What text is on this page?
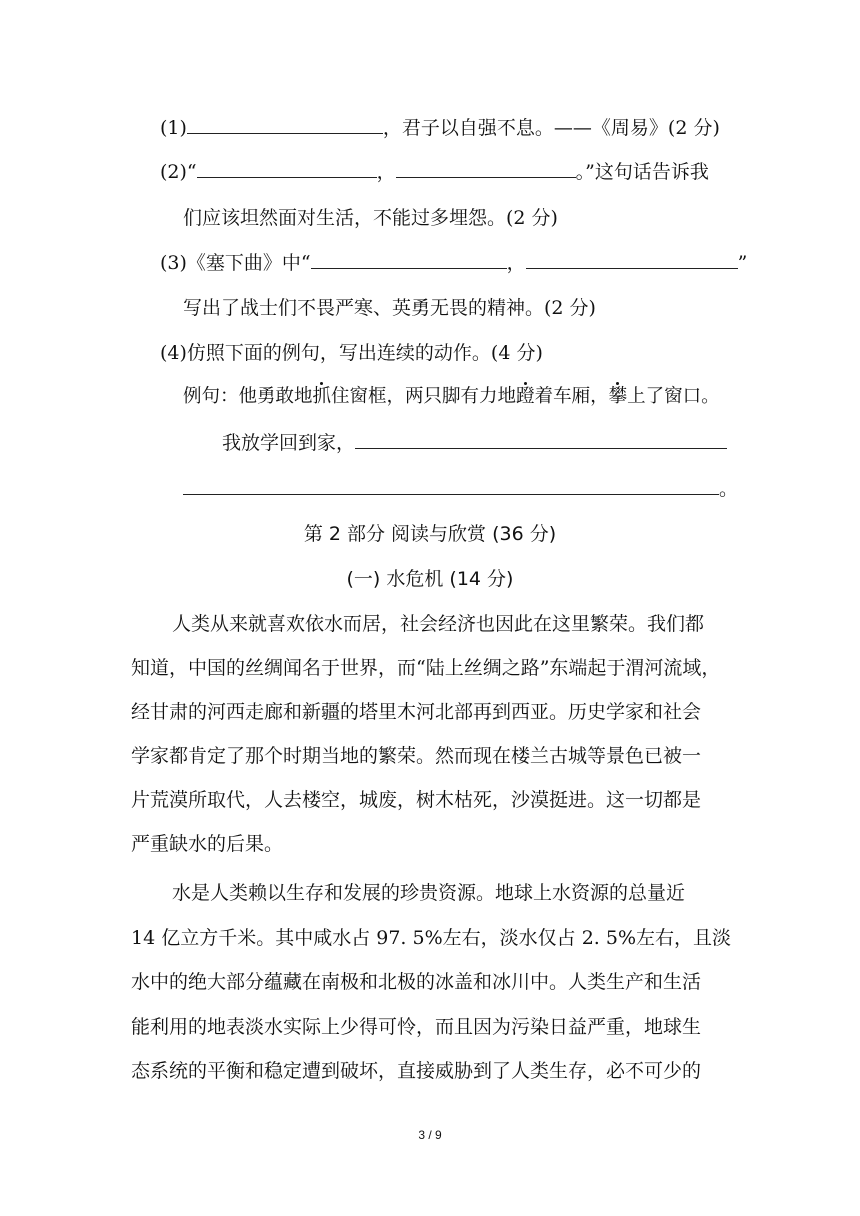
(1)	，君子以自强不息。——《周易》(2 分)
(2)“	，	。”这句话告诉我
们应该坦然面对生活，不能过多埋怨。(2 分)
(3)《塞下曲》中“	，	”
写出了战士们不畏严寒、英勇无畏的精神。(2 分)
(4)仿照下面的例句，写出连续的动作。(4 分)
例句：他勇敢地抓住窗框，两只脚有力地蹬着车厢，攀上了窗口。
我放学回到家，
。
第 2 部分 阅读与欣赏 (36 分)
(一) 水危机 (14 分)
人类从来就喜欢依水而居，社会经济也因此在这里繁荣。我们都
知道，中国的丝绸闻名于世界，而“陆上丝绸之路”东端起于渭河流域，
经甘肃的河西走廊和新疆的塔里木河北部再到西亚。历史学家和社会
学家都肯定了那个时期当地的繁荣。然而现在楼兰古城等景色已被一
片荒漠所取代，人去楼空，城废，树木枯死，沙漠挺进。这一切都是
严重缺水的后果。
水是人类赖以生存和发展的珍贵资源。地球上水资源的总量近
14 亿立方千米。其中咸水占 97. 5%左右，淡水仅占 2. 5%左右，且淡
水中的绝大部分蕴藏在南极和北极的冰盖和冰川中。人类生产和生活
能利用的地表淡水实际上少得可怜，而且因为污染日益严重，地球生
态系统的平衡和稳定遭到破坏，直接威胁到了人类生存，必不可少的
3 / 9
